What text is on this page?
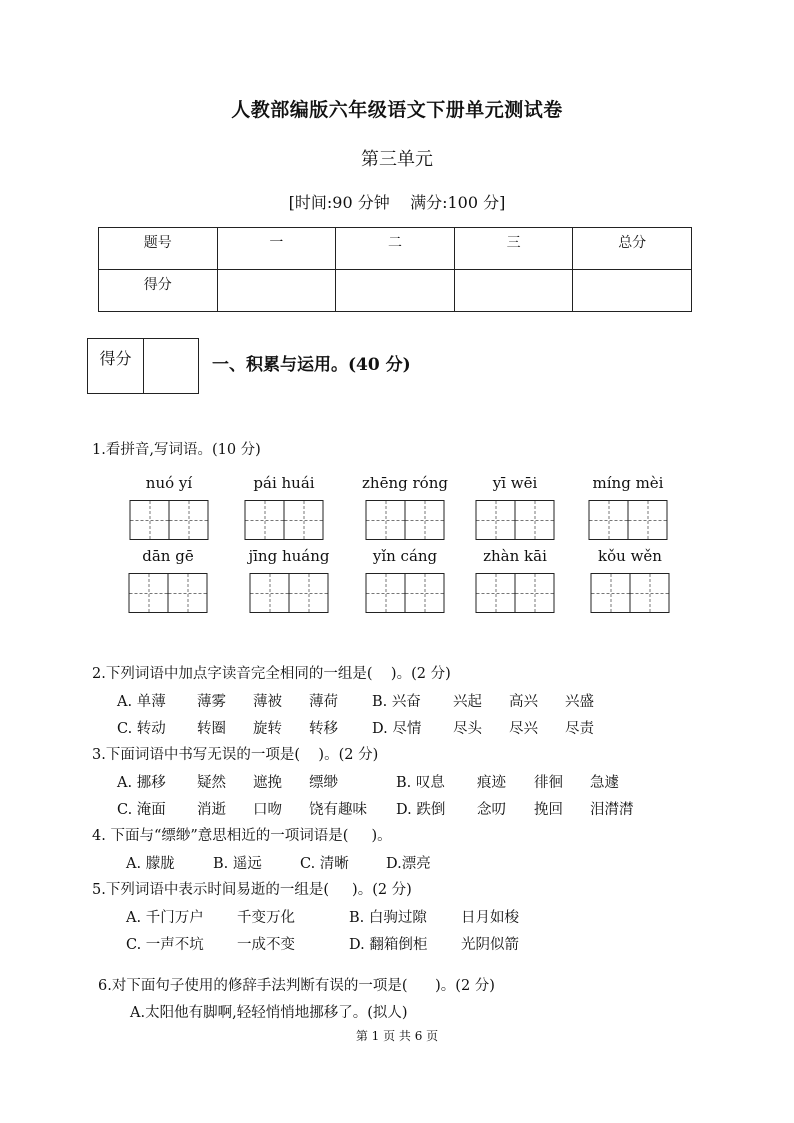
人教部编版六年级语文下册单元测试卷
第三单元
[时间:90 分钟    满分:100 分]
题号	一	二	三	总分
得分				
得分	一、积累与运用。(40 分)
1.看拼音,写词语。(10 分)
nuó yí	pái huái	zhēng róng	yī wēi	míng mèi
dān gē	jīng huáng	yǐn cáng	zhàn kāi	kǒu wěn
2.下列词语中加点字读音完全相同的一组是(    )。(2 分)
A. 单薄 薄雾 薄被 薄荷 B. 兴奋 兴起 高兴 兴盛
C. 转动 转圈 旋转 转移 D. 尽情 尽头 尽兴 尽责
3.下面词语中书写无误的一项是(    )。(2 分)
A. 挪移 疑然 遮挽 缥缈	B. 叹息 痕迹 徘徊 急遽
C. 淹面 消逝 口吻 饶有趣味 D. 跌倒 念叨 挽回 泪潸潸
4. 下面与“缥缈”意思相近的一项词语是(     )。
A. 朦胧	B. 遥远	C. 清晰	D.漂亮
5.下列词语中表示时间易逝的一组是(     )。(2 分)
A. 千门万户 千变万化	B. 白驹过隙 日月如梭
C. 一声不坑 一成不变	D. 翻箱倒柜 光阴似箭
6.对下面句子使用的修辞手法判断有误的一项是(      )。(2 分)
A.太阳他有脚啊,轻轻悄悄地挪移了。(拟人)
第 1 页 共 6 页
